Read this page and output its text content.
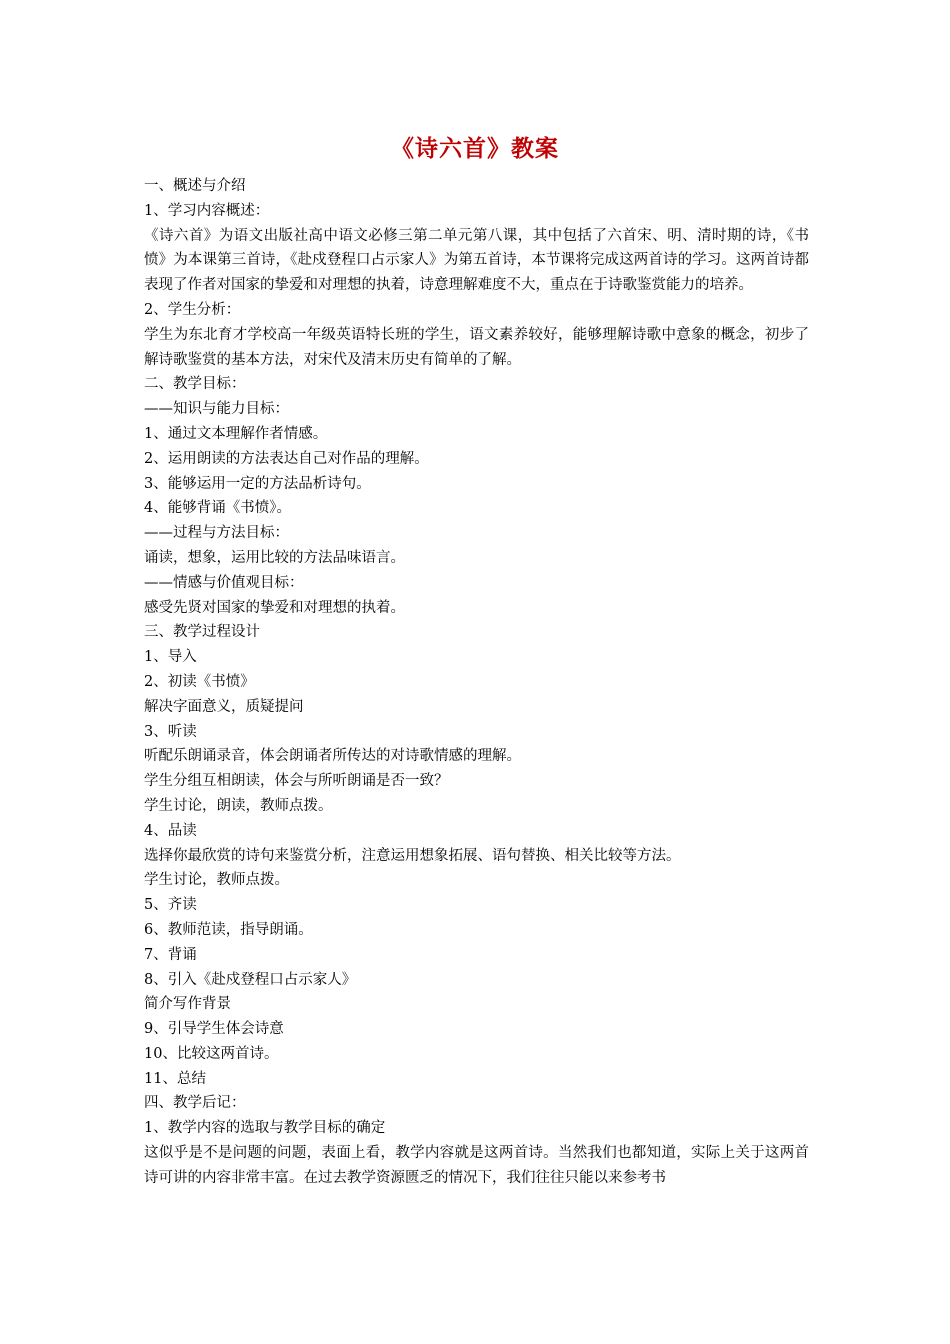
《诗六首》教案

一、概述与介绍

1、学习内容概述：

《诗六首》为语文出版社高中语文必修三第二单元第八课，其中包括了六首宋、明、清时期的诗，《书愤》为本课第三首诗，《赴戍登程口占示家人》为第五首诗，本节课将完成这两首诗的学习。这两首诗都表现了作者对国家的挚爱和对理想的执着，诗意理解难度不大，重点在于诗歌鉴赏能力的培养。

2、学生分析：

学生为东北育才学校高一年级英语特长班的学生，语文素养较好，能够理解诗歌中意象的概念，初步了解诗歌鉴赏的基本方法，对宋代及清末历史有简单的了解。

二、教学目标：

——知识与能力目标：

1、通过文本理解作者情感。

2、运用朗读的方法表达自己对作品的理解。

3、能够运用一定的方法品析诗句。

4、能够背诵《书愤》。

——过程与方法目标：

诵读，想象，运用比较的方法品味语言。

——情感与价值观目标：

感受先贤对国家的挚爱和对理想的执着。

三、教学过程设计

1、导入

2、初读《书愤》

解决字面意义，质疑提问

3、听读

听配乐朗诵录音，体会朗诵者所传达的对诗歌情感的理解。

学生分组互相朗读，体会与所听朗诵是否一致？

学生讨论，朗读，教师点拨。

4、品读

选择你最欣赏的诗句来鉴赏分析，注意运用想象拓展、语句替换、相关比较等方法。

学生讨论，教师点拨。

5、齐读

6、教师范读，指导朗诵。

7、背诵

8、引入《赴戍登程口占示家人》

简介写作背景

9、引导学生体会诗意

10、比较这两首诗。

11、总结

四、教学后记：

1、教学内容的选取与教学目标的确定

这似乎是不是问题的问题，表面上看，教学内容就是这两首诗。当然我们也都知道，实际上关于这两首诗可讲的内容非常丰富。在过去教学资源匮乏的情况下，我们往往只能以来参考书
